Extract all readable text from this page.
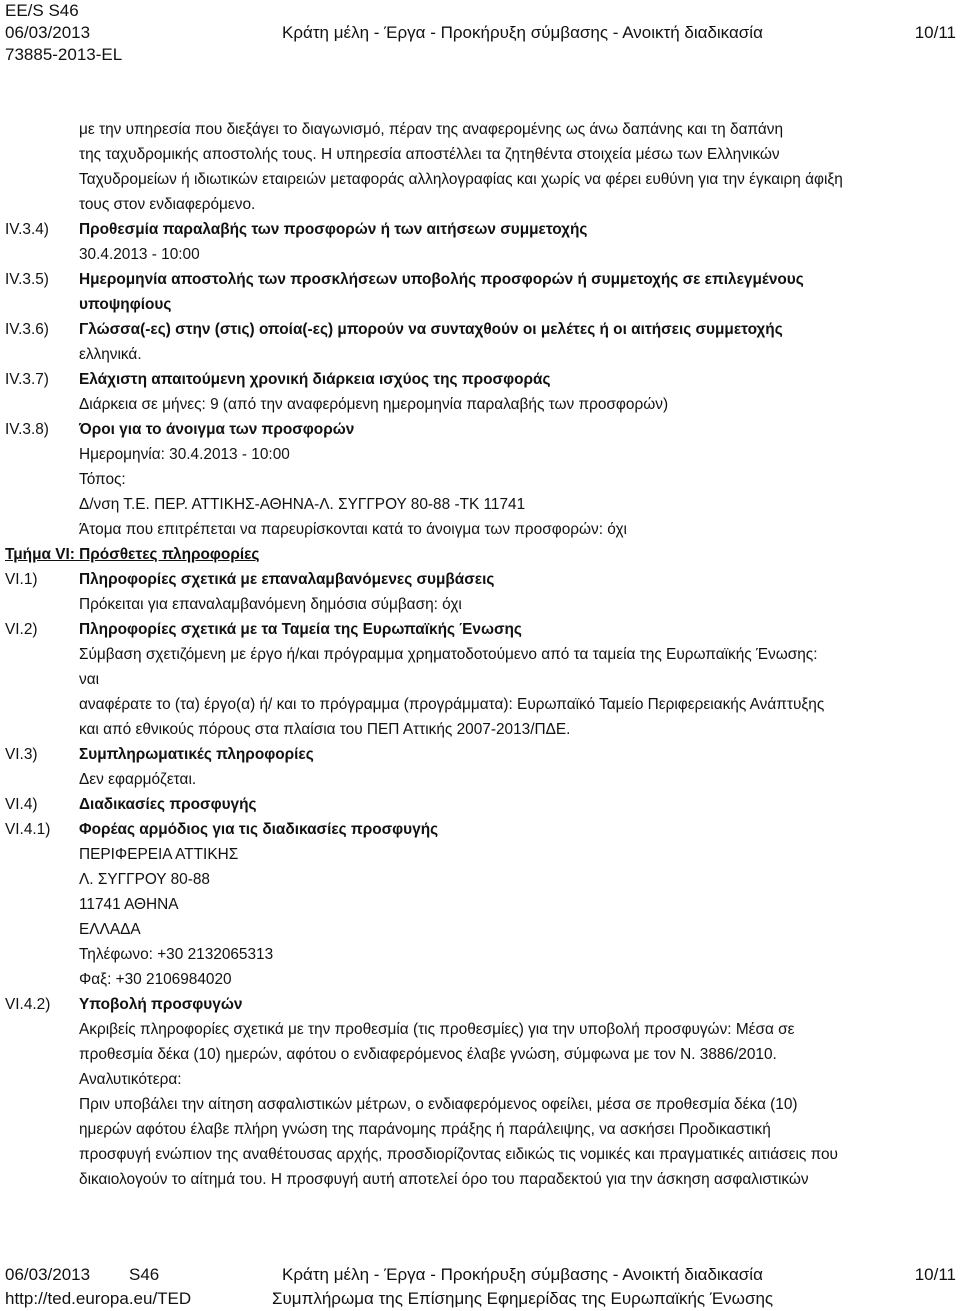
EE/S S46
06/03/2013	Κράτη μέλη - Έργα - Προκήρυξη σύμβασης - Ανοικτή διαδικασία	10/11
73885-2013-EL
με την υπηρεσία που διεξάγει το διαγωνισμό, πέραν της αναφερομένης ως άνω δαπάνης και τη δαπάνη
της ταχυδρομικής αποστολής τους. Η υπηρεσία αποστέλλει τα ζητηθέντα στοιχεία μέσω των Ελληνικών
Ταχυδρομείων ή ιδιωτικών εταιρειών μεταφοράς αλληλογραφίας και χωρίς να φέρει ευθύνη για την έγκαιρη άφιξη
τους στον ενδιαφερόμενο.
IV.3.4) Προθεσμία παραλαβής των προσφορών ή των αιτήσεων συμμετοχής
30.4.2013 - 10:00
IV.3.5) Ημερομηνία αποστολής των προσκλήσεων υποβολής προσφορών ή συμμετοχής σε επιλεγμένους
υποψηφίους
IV.3.6) Γλώσσα(-ες) στην (στις) οποία(-ες) μπορούν να συνταχθούν οι μελέτες ή οι αιτήσεις συμμετοχής
ελληνικά.
IV.3.7) Ελάχιστη απαιτούμενη χρονική διάρκεια ισχύος της προσφοράς
Διάρκεια σε μήνες: 9 (από την αναφερόμενη ημερομηνία παραλαβής των προσφορών)
IV.3.8) Όροι για το άνοιγμα των προσφορών
Ημερομηνία: 30.4.2013 - 10:00
Τόπος:
Δ/νση Τ.Ε. ΠΕΡ. ΑΤΤΙΚΗΣ-ΑΘΗΝΑ-Λ. ΣΥΓΓΡΟΥ 80-88 -ΤΚ 11741
Άτομα που επιτρέπεται να παρευρίσκονται κατά το άνοιγμα των προσφορών: όχι
Τμήμα VI: Πρόσθετες πληροφορίες
VI.1)	Πληροφορίες σχετικά με επαναλαμβανόμενες συμβάσεις
Πρόκειται για επαναλαμβανόμενη δημόσια σύμβαση: όχι
VI.2)	Πληροφορίες σχετικά με τα Ταμεία της Ευρωπαϊκής Ένωσης
Σύμβαση σχετιζόμενη με έργο ή/και πρόγραμμα χρηματοδοτούμενο από τα ταμεία της Ευρωπαϊκής Ένωσης:
ναι
αναφέρατε το (τα) έργο(α) ή/ και το πρόγραμμα (προγράμματα): Ευρωπαϊκό Ταμείο Περιφερειακής Ανάπτυξης
και από εθνικούς πόρους στα πλαίσια του ΠΕΠ Αττικής 2007-2013/ΠΔΕ.
VI.3)	Συμπληρωματικές πληροφορίες
Δεν εφαρμόζεται.
VI.4)	Διαδικασίες προσφυγής
VI.4.1) Φορέας αρμόδιος για τις διαδικασίες προσφυγής
ΠΕΡΙΦΕΡΕΙΑ ΑΤΤΙΚΗΣ
Λ. ΣΥΓΓΡΟΥ 80-88
11741 ΑΘΗΝΑ
ΕΛΛΑΔΑ
Τηλέφωνο: +30 2132065313
Φαξ: +30 2106984020
VI.4.2) Υποβολή προσφυγών
Ακριβείς πληροφορίες σχετικά με την προθεσμία (τις προθεσμίες) για την υποβολή προσφυγών: Μέσα σε
προθεσμία δέκα (10) ημερών, αφότου ο ενδιαφερόμενος έλαβε γνώση, σύμφωνα με τον Ν. 3886/2010.
Αναλυτικότερα:
Πριν υποβάλει την αίτηση ασφαλιστικών μέτρων, ο ενδιαφερόμενος οφείλει, μέσα σε προθεσμία δέκα (10)
ημερών αφότου έλαβε πλήρη γνώση της παράνομης πράξης ή παράλειψης, να ασκήσει Προδικαστική
προσφυγή ενώπιον της αναθέτουσας αρχής, προσδιορίζοντας ειδικώς τις νομικές και πραγματικές αιτιάσεις που
δικαιολογούν το αίτημά του. Η προσφυγή αυτή αποτελεί όρο του παραδεκτού για την άσκηση ασφαλιστικών
06/03/2013 S46	Κράτη μέλη - Έργα - Προκήρυξη σύμβασης - Ανοικτή διαδικασία	10/11
http://ted.europa.eu/TED	Συμπλήρωμα της Επίσημης Εφημερίδας της Ευρωπαϊκής Ένωσης
